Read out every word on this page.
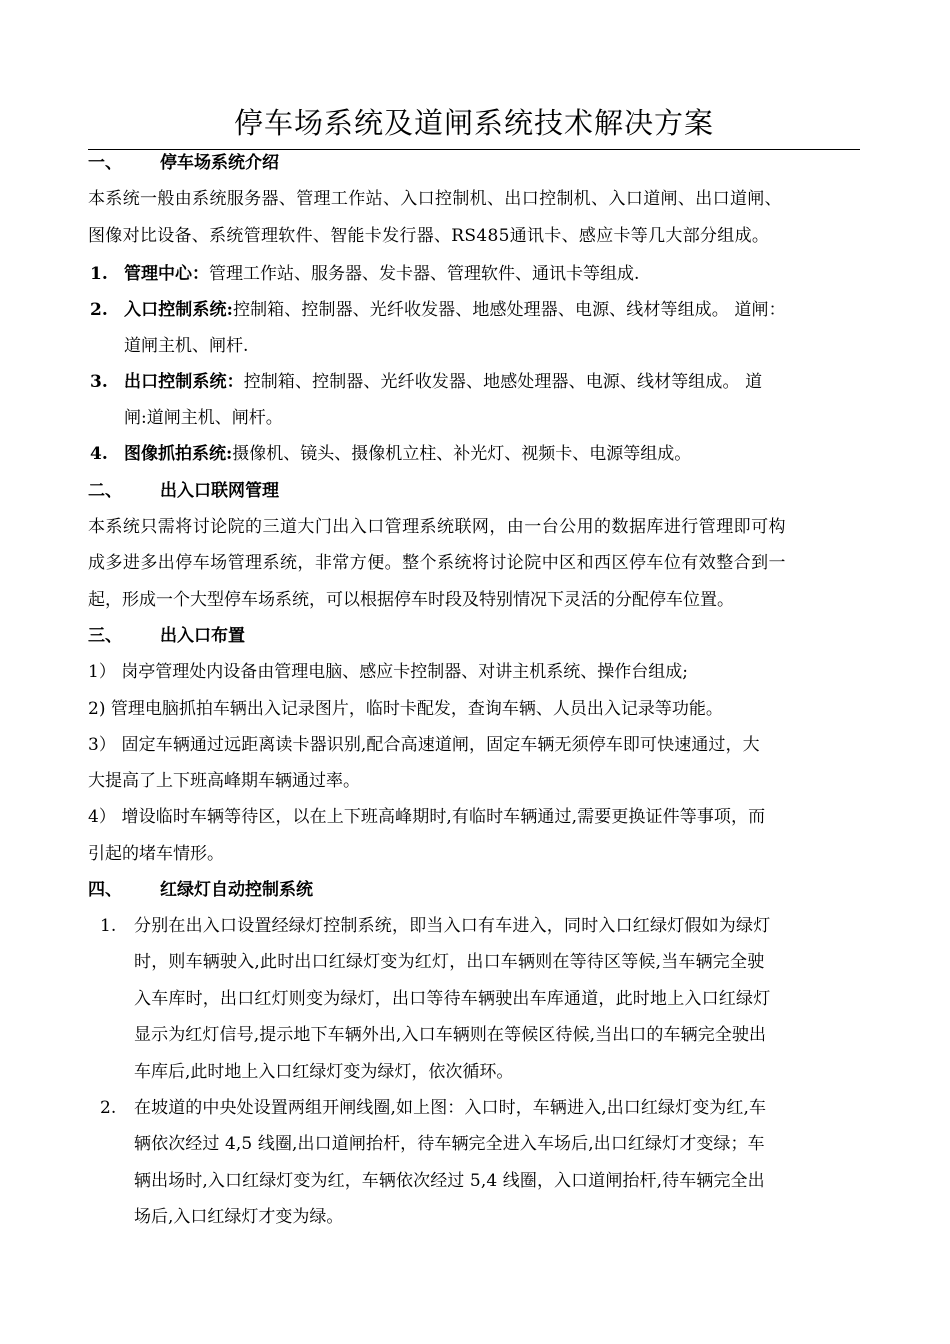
停车场系统及道闸系统技术解决方案
一、 停车场系统介绍
本系统一般由系统服务器、管理工作站、入口控制机、出口控制机、入口道闸、出口道闸、
图像对比设备、系统管理软件、智能卡发行器、RS485通讯卡、感应卡等几大部分组成。
1. 管理中心：管理工作站、服务器、发卡器、管理软件、通讯卡等组成.
2. 入口控制系统:控制箱、控制器、光纤收发器、地感处理器、电源、线材等组成。 道闸：
道闸主机、闸杆.
3. 出口控制系统：控制箱、控制器、光纤收发器、地感处理器、电源、线材等组成。 道
闸:道闸主机、闸杆。
4. 图像抓拍系统:摄像机、镜头、摄像机立柱、补光灯、视频卡、电源等组成。
二、 出入口联网管理
本系统只需将讨论院的三道大门出入口管理系统联网，由一台公用的数据库进行管理即可构
成多进多出停车场管理系统，非常方便。整个系统将讨论院中区和西区停车位有效整合到一
起，形成一个大型停车场系统，可以根据停车时段及特别情况下灵活的分配停车位置。
三、 出入口布置
1） 岗亭管理处内设备由管理电脑、感应卡控制器、对讲主机系统、操作台组成;
2) 管理电脑抓拍车辆出入记录图片，临时卡配发，查询车辆、人员出入记录等功能。
3） 固定车辆通过远距离读卡器识别,配合高速道闸，固定车辆无须停车即可快速通过，大
大提高了上下班高峰期车辆通过率。
4） 增设临时车辆等待区，以在上下班高峰期时,有临时车辆通过,需要更换证件等事项，而
引起的堵车情形。
四、 红绿灯自动控制系统
1. 分别在出入口设置经绿灯控制系统，即当入口有车进入，同时入口红绿灯假如为绿灯
时，则车辆驶入,此时出口红绿灯变为红灯，出口车辆则在等待区等候,当车辆完全驶
入车库时，出口红灯则变为绿灯，出口等待车辆驶出车库通道，此时地上入口红绿灯
显示为红灯信号,提示地下车辆外出,入口车辆则在等候区待候,当出口的车辆完全驶出
车库后,此时地上入口红绿灯变为绿灯，依次循环。
2. 在坡道的中央处设置两组开闸线圈,如上图：入口时，车辆进入,出口红绿灯变为红,车
辆依次经过 4,5 线圈,出口道闸抬杆，待车辆完全进入车场后,出口红绿灯才变绿；车
辆出场时,入口红绿灯变为红，车辆依次经过 5,4 线圈，入口道闸抬杆,待车辆完全出
场后,入口红绿灯才变为绿。
